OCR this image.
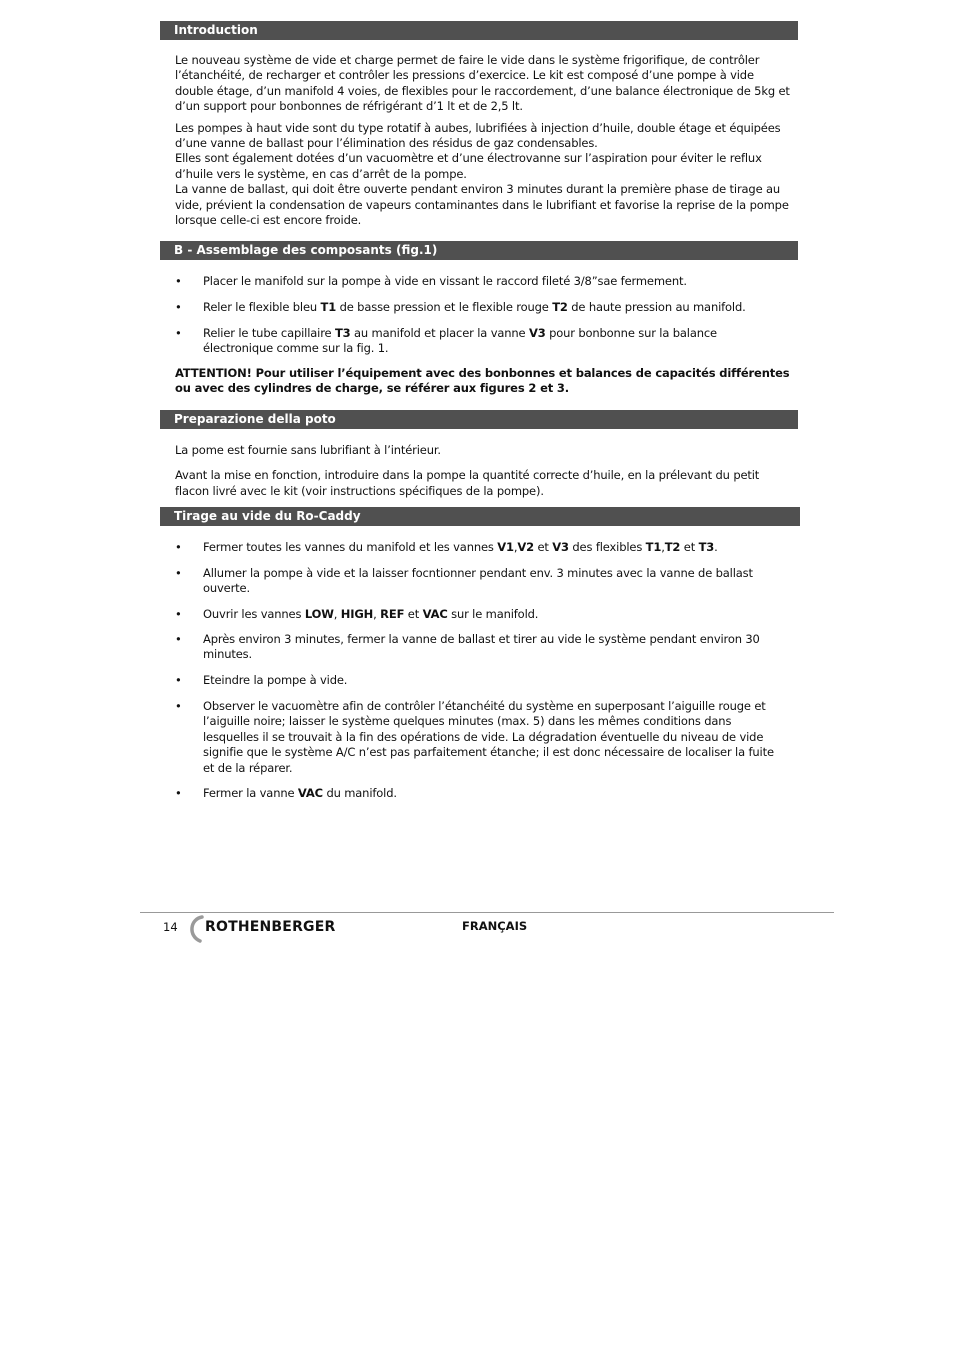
Introduction

Le nouveau système de vide et charge permet de faire le vide dans le système frigorifique, de contrôler l’étanchéité, de recharger et contrôler les pressions d’exercice. Le kit est composé d’une pompe à vide double étage, d’un manifold 4 voies, de flexibles pour le raccordement, d’une balance électronique de 5kg et d’un support pour bonbonnes de réfrigérant d’1 lt et de 2,5 lt.

Les pompes à haut vide sont du type rotatif à aubes, lubrifiées à injection d’huile, double étage et équipées d’une vanne de ballast pour l’élimination des résidus de gaz condensables.

Elles sont également dotées d’un vacuomètre et d’une électrovanne sur l’aspiration pour éviter le reflux d’huile vers le système, en cas d’arrêt de la pompe.

La vanne de ballast, qui doit être ouverte pendant environ 3 minutes durant la première phase de tirage au vide, prévient la condensation de vapeurs contaminantes dans le lubrifiant et favorise la reprise de la pompe lorsque celle-ci est encore froide.

B - Assemblage des composants (fig.1)
• Placer le manifold sur la pompe à vide en vissant le raccord fileté 3/8”sae fermement.
• Reler le flexible bleu T1 de basse pression et le flexible rouge T2 de haute pression au manifold.
• Relier le tube capillaire T3 au manifold et placer la vanne V3 pour bonbonne sur la balance électronique comme sur la fig. 1.
ATTENTION! Pour utiliser l’équipement avec des bonbonnes et balances de capacités différentes ou avec des cylindres de charge, se référer aux figures 2 et 3.
Preparazione della poto

La pome est fournie sans lubrifiant à l’intérieur.

Avant la mise en fonction, introduire dans la pompe la quantité correcte d’huile, en la prélevant du petit flacon livré avec le kit (voir instructions spécifiques de la pompe).

Tirage au vide du Ro-Caddy
• Fermer toutes les vannes du manifold et les vannes V1,V2 et V3 des flexibles T1,T2 et T3.
• Allumer la pompe à vide et la laisser focntionner pendant env. 3 minutes avec la vanne de ballast ouverte.
• Ouvrir les vannes LOW, HIGH, REF et VAC sur le manifold.
• Après environ 3 minutes, fermer la vanne de ballast et tirer au vide le système pendant environ 30 minutes.
• Eteindre la pompe à vide.
• Observer le vacuomètre afin de contrôler l’étanchéité du système en superposant l’aiguille rouge et l’aiguille noire; laisser le système quelques minutes (max. 5) dans les mêmes conditions dans lesquelles il se trouvait à la fin des opérations de vide. La dégradation éventuelle du niveau de vide signifie que le système A/C n’est pas parfaitement étanche; il est donc nécessaire de localiser la fuite et de la réparer.
• Fermer la vanne VAC du manifold.
14 ROTHENBERGER	FRANÇAIS
